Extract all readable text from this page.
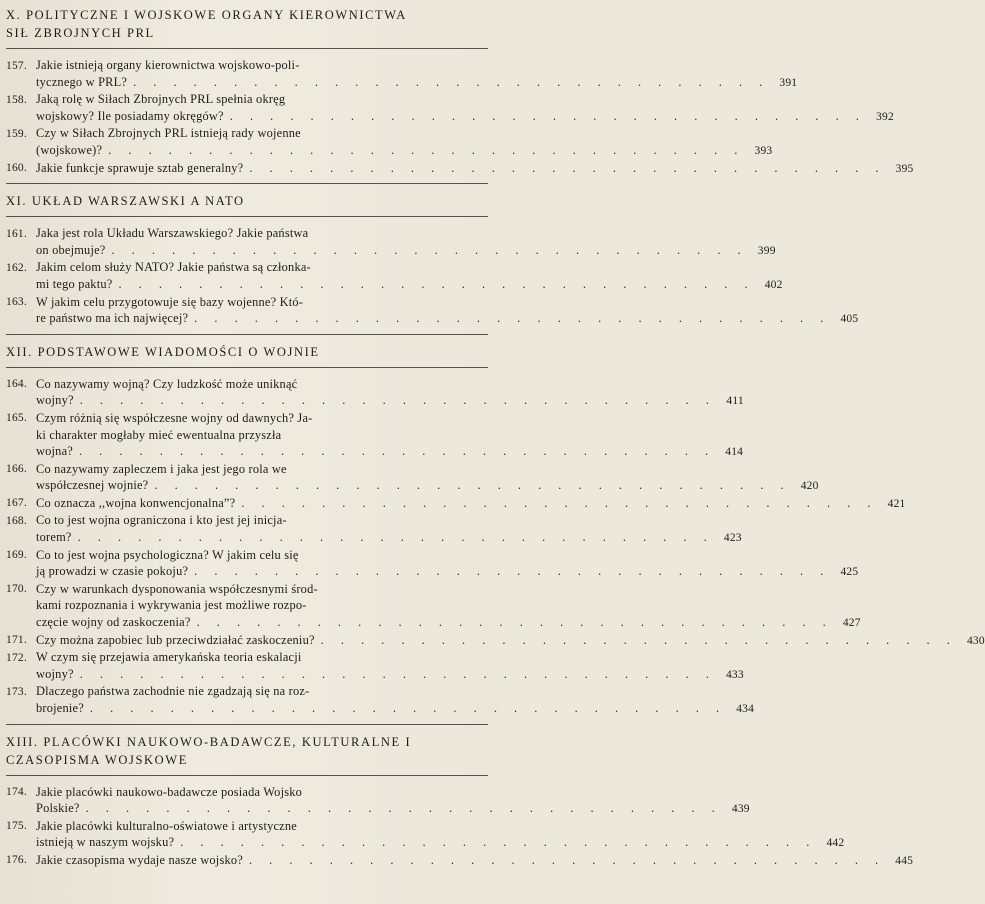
X. POLITYCZNE I WOJSKOWE ORGANY KIEROWNICTWA
SIŁ ZBROJNYCH PRL
157. Jakie istnieją organy kierownictwa wojskowo-poli-
tycznego w PRL? . . . . . . . . . . . . . . . . . . . . . . . . . . . . . . . . 391
158. Jaką rolę w Siłach Zbrojnych PRL spełnia okręg
wojskowy? Ile posiadamy okręgów? . . . . . . . . . . . . . . . . . . . . . . . . . . . . . . . . 392
159. Czy w Siłach Zbrojnych PRL istnieją rady wojenne
(wojskowe)? . . . . . . . . . . . . . . . . . . . . . . . . . . . . . . . . 393
160. Jakie funkcje sprawuje sztab generalny? . . . . . . . . . . . . . . . . . . . . . . . . . . . . . . . . 395
XI. UKŁAD WARSZAWSKI A NATO
161. Jaka jest rola Układu Warszawskiego? Jakie państwa
on obejmuje? . . . . . . . . . . . . . . . . . . . . . . . . . . . . . . . . 399
162. Jakim celom służy NATO? Jakie państwa są członka-
mi tego paktu? . . . . . . . . . . . . . . . . . . . . . . . . . . . . . . . . 402
163. W jakim celu przygotowuje się bazy wojenne? Któ-
re państwo ma ich najwięcej? . . . . . . . . . . . . . . . . . . . . . . . . . . . . . . . . 405
XII. PODSTAWOWE WIADOMOŚCI O WOJNIE
164. Co nazywamy wojną? Czy ludzkość może uniknąć
wojny? . . . . . . . . . . . . . . . . . . . . . . . . . . . . . . . . 411
165. Czym różnią się współczesne wojny od dawnych? Ja-
ki charakter mogłaby mieć ewentualna przyszła
wojna? . . . . . . . . . . . . . . . . . . . . . . . . . . . . . . . . 414
166. Co nazywamy zapleczem i jaka jest jego rola we
współczesnej wojnie? . . . . . . . . . . . . . . . . . . . . . . . . . . . . . . . . 420
167. Co oznacza ,,wojna konwencjonalna”? . . . . . . . . . . . . . . . . . . . . . . . . . . . . . . . . 421
168. Co to jest wojna ograniczona i kto jest jej inicja-
torem? . . . . . . . . . . . . . . . . . . . . . . . . . . . . . . . . 423
169. Co to jest wojna psychologiczna? W jakim celu się
ją prowadzi w czasie pokoju? . . . . . . . . . . . . . . . . . . . . . . . . . . . . . . . . 425
170. Czy w warunkach dysponowania współczesnymi środ-
kami rozpoznania i wykrywania jest możliwe rozpo-
częcie wojny od zaskoczenia? . . . . . . . . . . . . . . . . . . . . . . . . . . . . . . . . 427
171. Czy można zapobiec lub przeciwdziałać zaskoczeniu? . . . . . . . . . . . . . . . . . . . . . . . . . . . . . . . . 430
172. W czym się przejawia amerykańska teoria eskalacji
wojny? . . . . . . . . . . . . . . . . . . . . . . . . . . . . . . . . 433
173. Dlaczego państwa zachodnie nie zgadzają się na roz-
brojenie? . . . . . . . . . . . . . . . . . . . . . . . . . . . . . . . . 434
XIII. PLACÓWKI NAUKOWO-BADAWCZE, KULTURALNE I
CZASOPISMA WOJSKOWE
174. Jakie placówki naukowo-badawcze posiada Wojsko
Polskie? . . . . . . . . . . . . . . . . . . . . . . . . . . . . . . . . 439
175. Jakie placówki kulturalno-oświatowe i artystyczne
istnieją w naszym wojsku? . . . . . . . . . . . . . . . . . . . . . . . . . . . . . . . . 442
176. Jakie czasopisma wydaje nasze wojsko? . . . . . . . . . . . . . . . . . . . . . . . . . . . . . . . . 445
